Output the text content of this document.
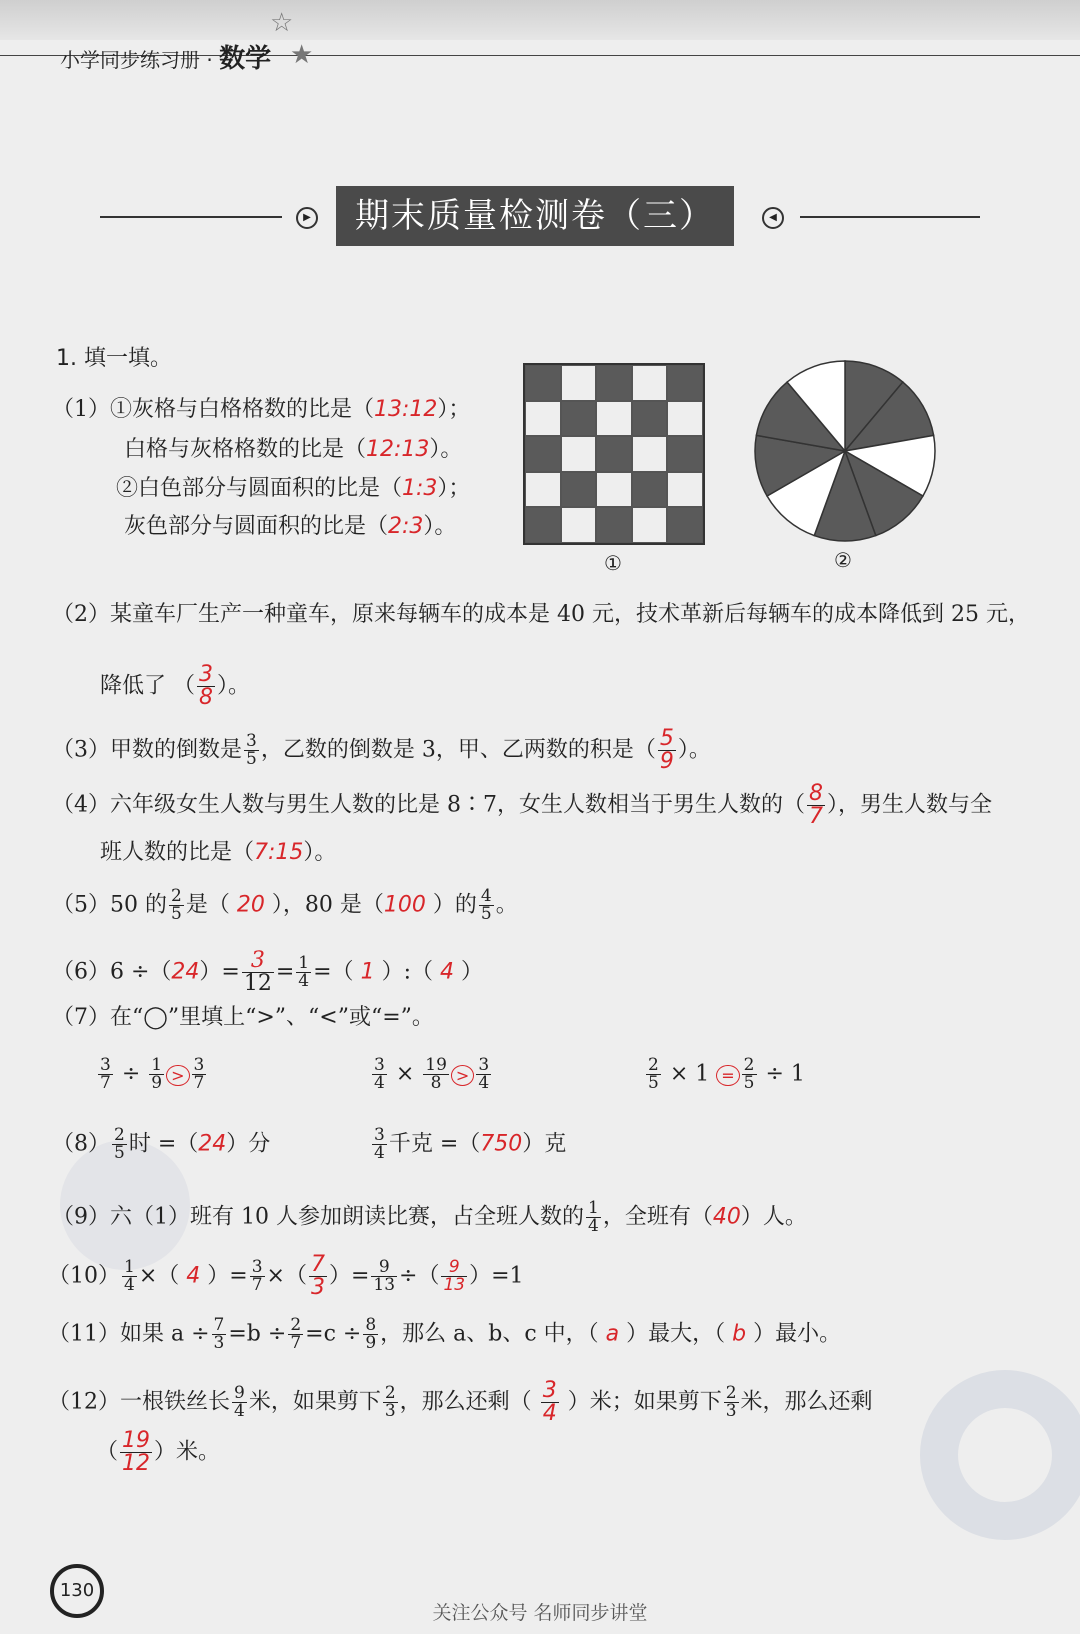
小学同步练习册 · 数学
☆
★
▶	期末质量检测卷（三）	◀
1. 填一填。
（1）①灰格与白格格数的比是（13:12）；
白格与灰格格数的比是（12:13）。
②白色部分与圆面积的比是（1:3）；
灰色部分与圆面积的比是（2:3）。
①	②
（2）某童车厂生产一种童车，原来每辆车的成本是 40 元，技术革新后每辆车的成本降低到 25 元，
降低了 （ $\frac{3}{8}$ ）。
（3）甲数的倒数是 $\frac{3}{5}$ ，乙数的倒数是 3，甲、乙两数的积是（ $\frac{5}{9}$ ）。
（4）六年级女生人数与男生人数的比是 8∶7，女生人数相当于男生人数的（ $\frac{8}{7}$ ），男生人数与全
班人数的比是（7:15）。
（5）50 的 $\frac{2}{5}$ 是（ 20 ），80 是（100 ）的 $\frac{4}{5}$ 。
$(6)6 \div(24)= \frac{3}{12} = \frac{1}{4}$ =（ 1 ）:（ 4 ）
（7）在“◯”里填上“>”、“<”或“=”。
$\frac{3}{7} \div \frac{1}{9} > \frac{3}{7}$	$\frac{3}{4} \times \frac{19}{8} > \frac{3}{4}$	$\frac{2}{5} \times 1 = \frac{2}{5} \div 1$
$(8) \frac{2}{5}$ 时 =（24）分	$\frac{3}{4}$ 千克 =（750）克
（9）六（1）班有 10 人参加朗读比赛，占全班人数的 $\frac{1}{4}$ ，全班有（40）人。
$(10) \frac{1}{4}$ ×（ 4 ）= $\frac{3}{7}$ ×（ $\frac{7}{3}$ ）= $\frac{9}{13}$ ÷（ $\frac{9}{13} )=1$
（11）如果 $a \div \frac{7}{3} =b \div \frac{2}{7} =c \div \frac{8}{9}$ ，那么 a、b、c 中，（ a ）最大，（ b ）最小。
（12）一根铁丝长 $\frac{9}{4}$ 米，如果剪下 $\frac{2}{3}$ ，那么还剩（ $\frac{3}{4}$ ）米；如果剪下 $\frac{2}{3}$ 米，那么还剩
（ $\frac{19}{12}$ ）米。
130
关注公众号 名师同步讲堂
